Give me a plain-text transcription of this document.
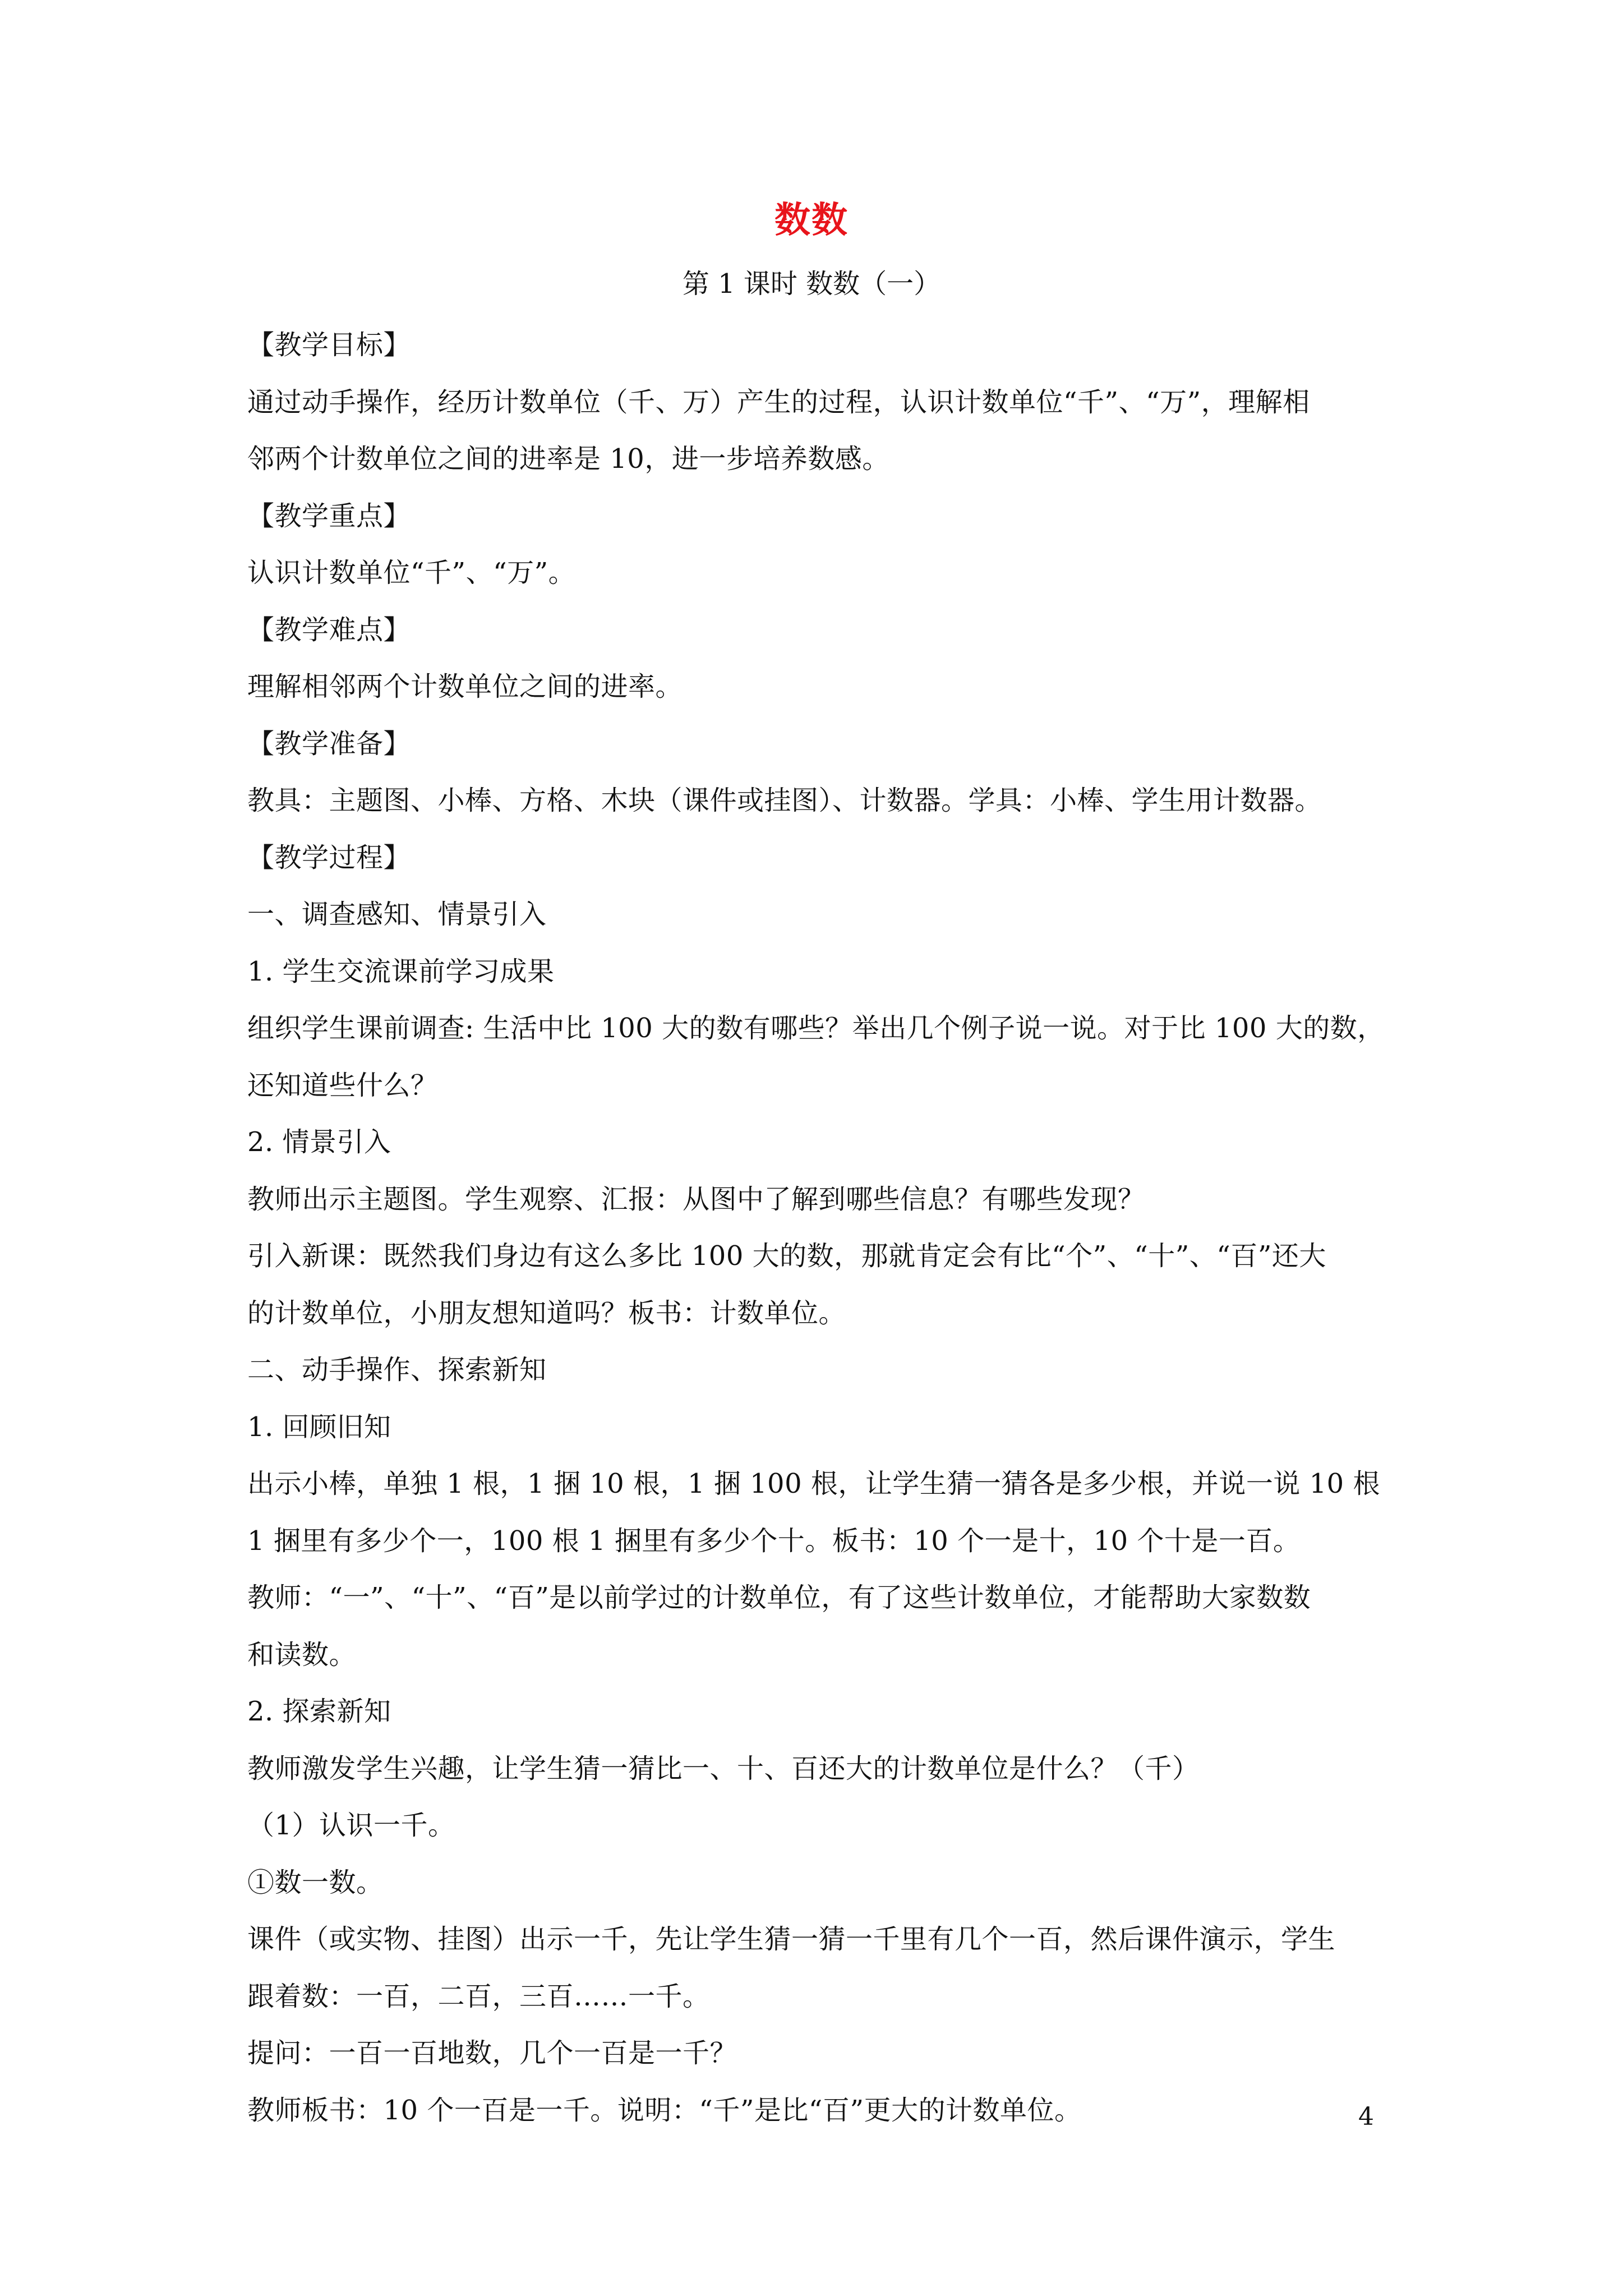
数数
第 1 课时 数数（一）
【教学目标】
通过动手操作，经历计数单位（千、万）产生的过程，认识计数单位“千”、“万”，理解相
邻两个计数单位之间的进率是 10，进一步培养数感。
【教学重点】
认识计数单位“千”、“万”。
【教学难点】
理解相邻两个计数单位之间的进率。
【教学准备】
教具：主题图、小棒、方格、木块（课件或挂图）、计数器。学具：小棒、学生用计数器。
【教学过程】
一、调查感知、情景引入
1. 学生交流课前学习成果
组织学生课前调查: 生活中比 100 大的数有哪些？举出几个例子说一说。对于比 100 大的数，
还知道些什么？
2. 情景引入
教师出示主题图。学生观察、汇报：从图中了解到哪些信息？有哪些发现？
引入新课：既然我们身边有这么多比 100 大的数，那就肯定会有比“个”、“十”、“百”还大
的计数单位，小朋友想知道吗？板书：计数单位。
二、动手操作、探索新知
1. 回顾旧知
出示小棒，单独 1 根，1 捆 10 根，1 捆 100 根，让学生猜一猜各是多少根，并说一说 10 根
1 捆里有多少个一，100 根 1 捆里有多少个十。板书：10 个一是十，10 个十是一百。
教师：“一”、“十”、“百”是以前学过的计数单位，有了这些计数单位，才能帮助大家数数
和读数。
2. 探索新知
教师激发学生兴趣，让学生猜一猜比一、十、百还大的计数单位是什么？（千）
（1）认识一千。
①数一数。
课件（或实物、挂图）出示一千，先让学生猜一猜一千里有几个一百，然后课件演示，学生
跟着数：一百，二百，三百……一千。
提问：一百一百地数，几个一百是一千？
教师板书：10 个一百是一千。说明：“千”是比“百”更大的计数单位。	4
